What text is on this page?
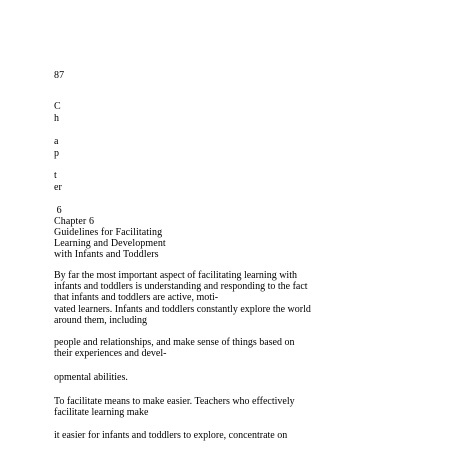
87
C
h
a
p
t
er
6
Chapter 6
Guidelines for Facilitating
Learning and Development
with Infants and Toddlers
By far the most important aspect of facilitating learning with
infants and toddlers is understanding and responding to the fact
that infants and toddlers are active, moti-
vated learners. Infants and toddlers constantly explore the world
around them, including
people and relationships, and make sense of things based on
their experiences and devel-
opmental abilities.
To facilitate means to make easier. Teachers who effectively
facilitate learning make
it easier for infants and toddlers to explore, concentrate on
